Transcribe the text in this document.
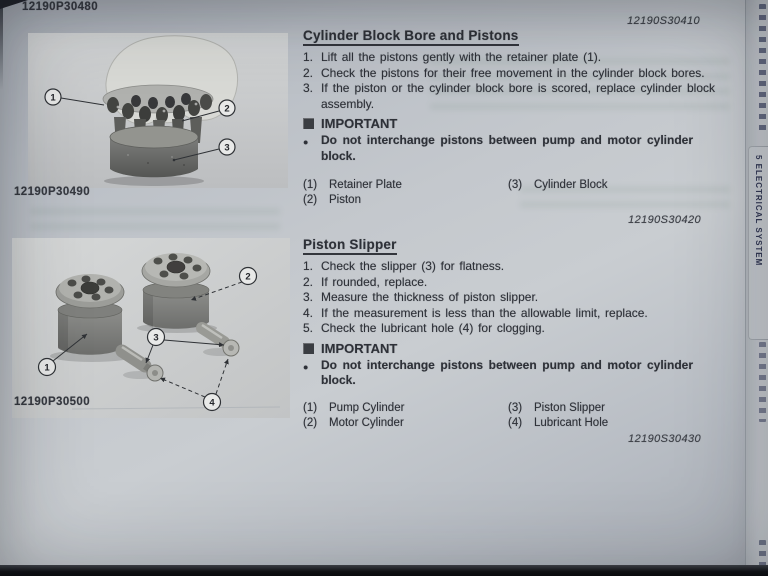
12190P30480
12190S30410
1
2
3
12190P30490
1
2
3
4
12190P30500
Cylinder Block Bore and Pistons
1. Lift all the pistons gently with the retainer plate (1).
2. Check the pistons for their free movement in the cylinder block bores.
3. If the piston or the cylinder block bore is scored, replace cylinder block assembly.
IMPORTANT
●	Do not interchange pistons between pump and motor cylinder block.
(1)	Retainer Plate
(2)	Piston
(3)	Cylinder Block
12190S30420
Piston Slipper
1. Check the slipper (3) for flatness.
2. If rounded, replace.
3. Measure the thickness of piston slipper.
4. If the measurement is less than the allowable limit, replace.
5. Check the lubricant hole (4) for clogging.
IMPORTANT
●	Do not interchange pistons between pump and motor cylinder block.
(1)	Pump Cylinder
(2)	Motor Cylinder
(3)	Piston Slipper
(4)	Lubricant Hole
12190S30430
5 ELECTRICAL SYSTEM
